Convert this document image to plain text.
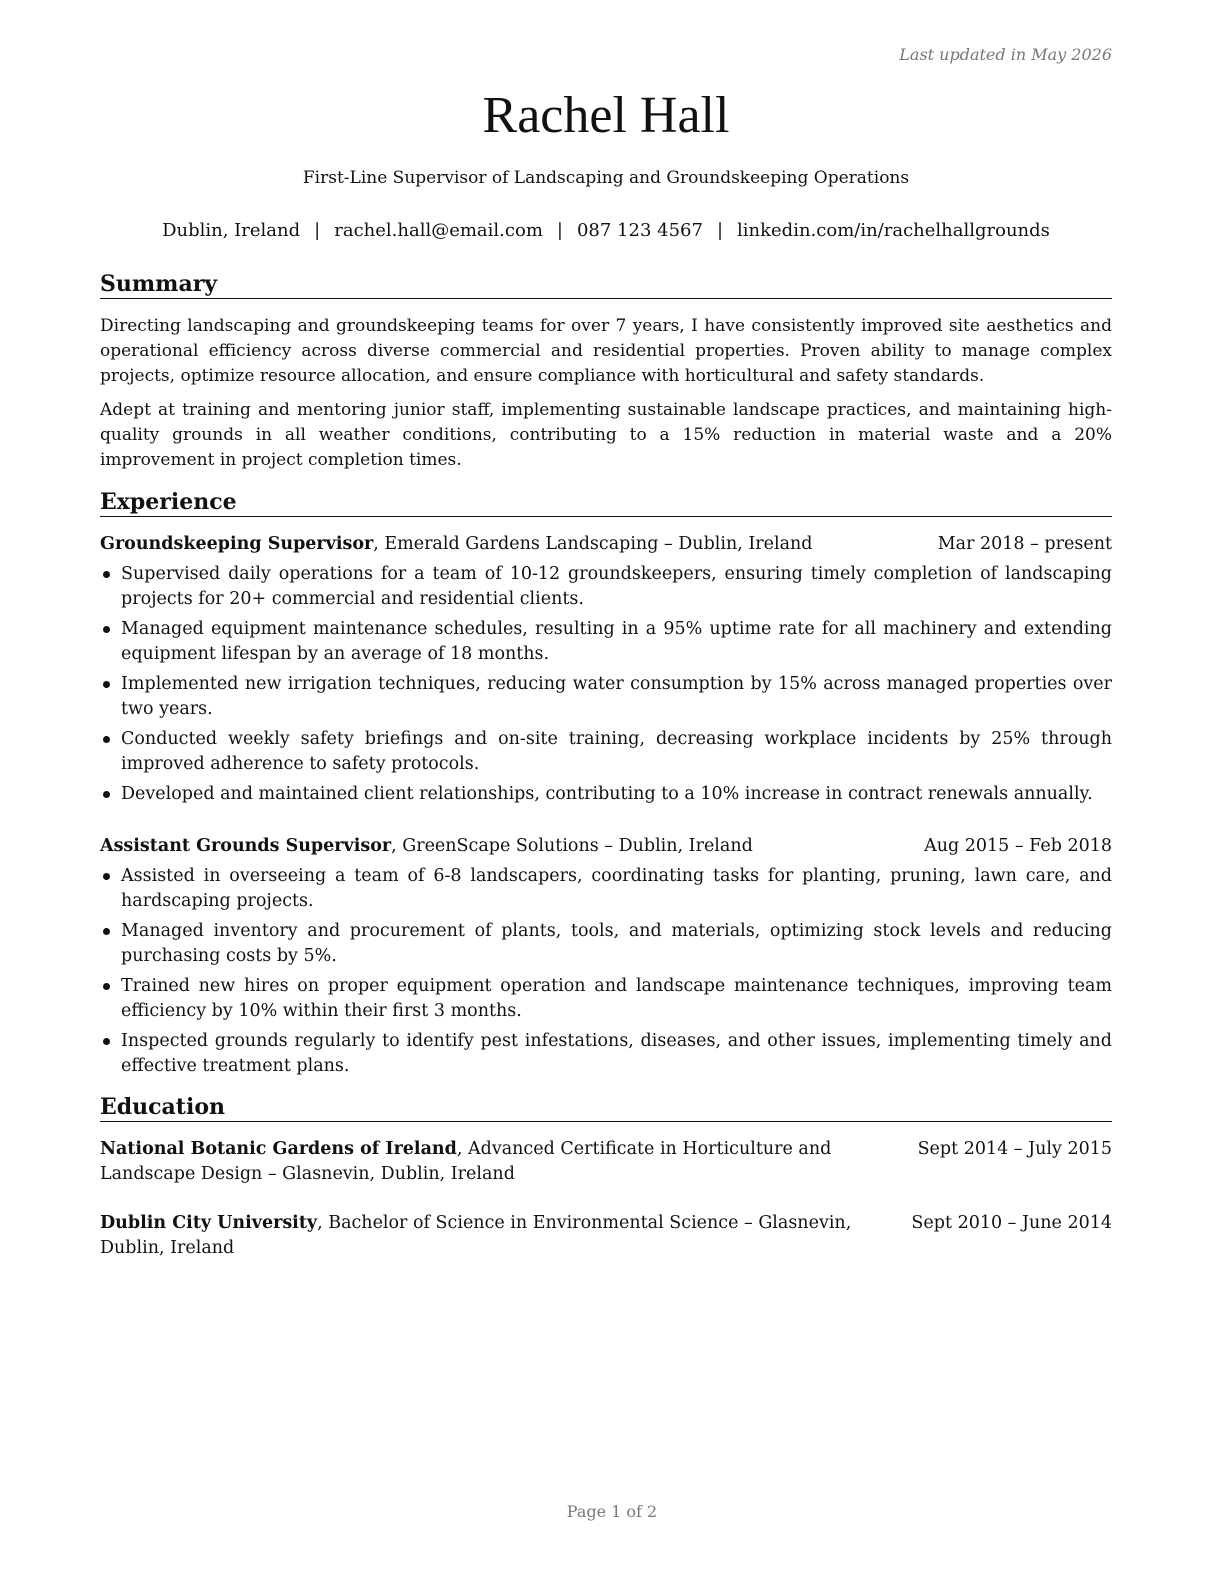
Last updated in May 2026
Rachel Hall
First-Line Supervisor of Landscaping and Groundskeeping Operations
Dublin, Ireland | rachel.hall@email.com | 087 123 4567 | linkedin.com/in/rachelhallgrounds
Summary
Directing landscaping and groundskeeping teams for over 7 years, I have consistently improved site aesthetics and operational efficiency across diverse commercial and residential properties. Proven ability to manage complex projects, optimize resource allocation, and ensure compliance with horticultural and safety standards.
Adept at training and mentoring junior staff, implementing sustainable landscape practices, and maintaining high-quality grounds in all weather conditions, contributing to a 15% reduction in material waste and a 20% improvement in project completion times.
Experience
Groundskeeping Supervisor, Emerald Gardens Landscaping – Dublin, Ireland	Mar 2018 – present
Supervised daily operations for a team of 10-12 groundskeepers, ensuring timely completion of landscaping projects for 20+ commercial and residential clients.
Managed equipment maintenance schedules, resulting in a 95% uptime rate for all machinery and extending equipment lifespan by an average of 18 months.
Implemented new irrigation techniques, reducing water consumption by 15% across managed properties over two years.
Conducted weekly safety briefings and on-site training, decreasing workplace incidents by 25% through improved adherence to safety protocols.
Developed and maintained client relationships, contributing to a 10% increase in contract renewals annually.
Assistant Grounds Supervisor, GreenScape Solutions – Dublin, Ireland	Aug 2015 – Feb 2018
Assisted in overseeing a team of 6-8 landscapers, coordinating tasks for planting, pruning, lawn care, and hardscaping projects.
Managed inventory and procurement of plants, tools, and materials, optimizing stock levels and reducing purchasing costs by 5%.
Trained new hires on proper equipment operation and landscape maintenance techniques, improving team efficiency by 10% within their first 3 months.
Inspected grounds regularly to identify pest infestations, diseases, and other issues, implementing timely and effective treatment plans.
Education
National Botanic Gardens of Ireland, Advanced Certificate in Horticulture and Landscape Design – Glasnevin, Dublin, Ireland
Sept 2014 – July 2015
Dublin City University, Bachelor of Science in Environmental Science – Glasnevin, Dublin, Ireland
Sept 2010 – June 2014
Page 1 of 2
